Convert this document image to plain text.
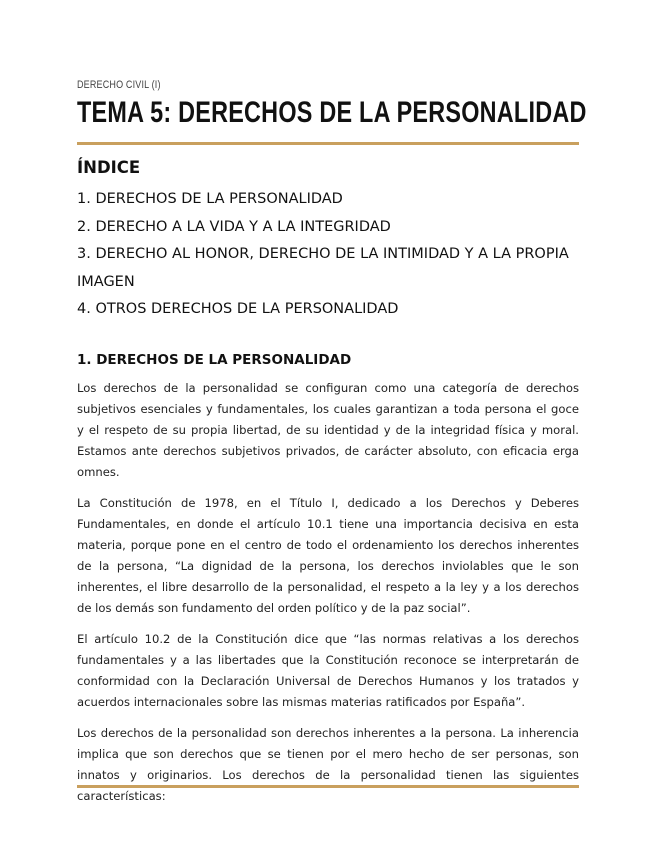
DERECHO CIVIL (I)
TEMA 5: DERECHOS DE LA PERSONALIDAD
ÍNDICE
1. DERECHOS DE LA PERSONALIDAD
2. DERECHO A LA VIDA Y A LA INTEGRIDAD
3. DERECHO AL HONOR, DERECHO DE LA INTIMIDAD Y A LA PROPIA IMAGEN
4. OTROS DERECHOS DE LA PERSONALIDAD
1. DERECHOS DE LA PERSONALIDAD

Los derechos de la personalidad se configuran como una categoría de derechos subjetivos esenciales y fundamentales, los cuales garantizan a toda persona el goce y el respeto de su propia libertad, de su identidad y de la integridad física y moral. Estamos ante derechos subjetivos privados, de carácter absoluto, con eficacia erga omnes.

La Constitución de 1978, en el Título I, dedicado a los Derechos y Deberes Fundamentales, en donde el artículo 10.1 tiene una importancia decisiva en esta materia, porque pone en el centro de todo el ordenamiento los derechos inherentes de la persona, “La dignidad de la persona, los derechos inviolables que le son inherentes, el libre desarrollo de la personalidad, el respeto a la ley y a los derechos de los demás son fundamento del orden político y de la paz social”.

El artículo 10.2 de la Constitución dice que “las normas relativas a los derechos fundamentales y a las libertades que la Constitución reconoce se interpretarán de conformidad con la Declaración Universal de Derechos Humanos y los tratados y acuerdos internacionales sobre las mismas materias ratificados por España”.

Los derechos de la personalidad son derechos inherentes a la persona. La inherencia implica que son derechos que se tienen por el mero hecho de ser personas, son innatos y originarios. Los derechos de la personalidad tienen las siguientes características:
